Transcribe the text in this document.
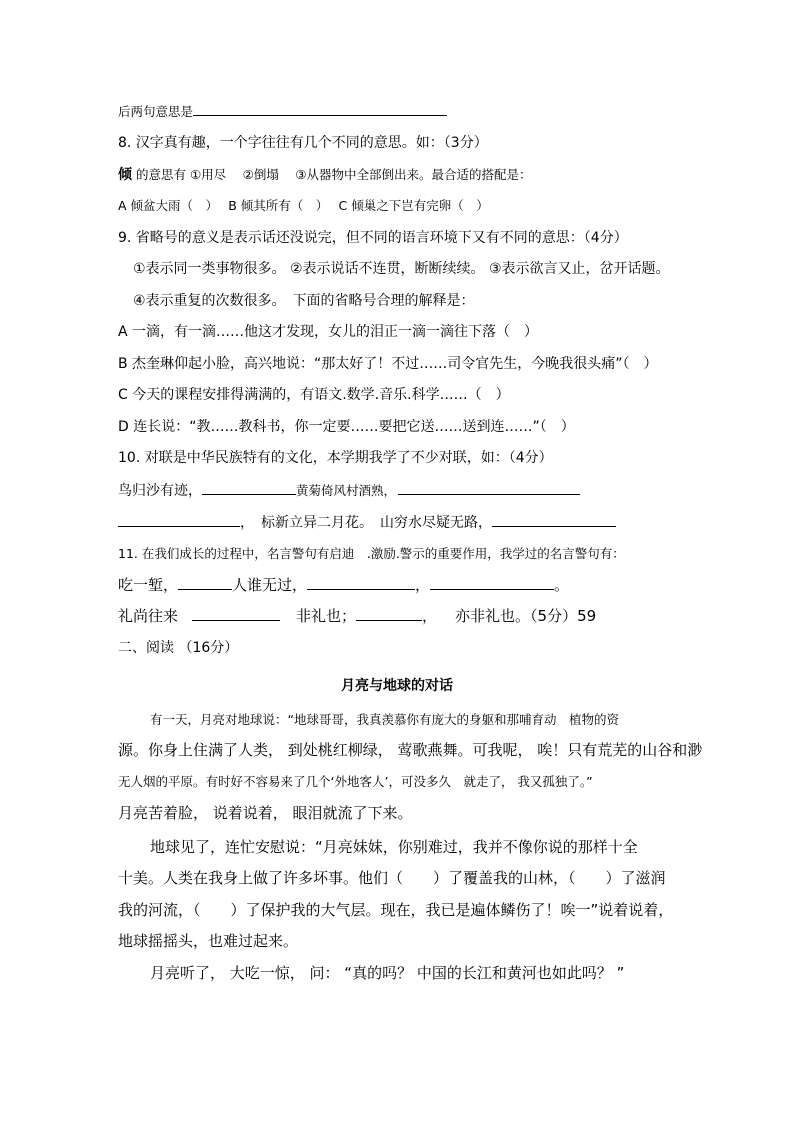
后两句意思是
8. 汉字真有趣，一个字往往有几个不同的意思。如：（3分）
倾 的意思有 ①用尽　 ②倒塌　 ③从器物中全部倒出来。最合适的搭配是：
A 倾盆大雨（　）　 B 倾其所有（　）　 C 倾巢之下岂有完卵（　）
9. 省略号的意义是表示话还没说完，但不同的语言环境下又有不同的意思：（4分）
①表示同一类事物很多。 ②表示说话不连贯，断断续续。 ③表示欲言又止，岔开话题。
④表示重复的次数很多。　下面的省略号合理的解释是：
A 一滴，有一滴……他这才发现，女儿的泪正一滴一滴往下落（　）
B 杰奎琳仰起小脸，高兴地说：“那太好了！不过……司令官先生，今晚我很头痛”（　）
C 今天的课程安排得满满的，有语文.数学.音乐.科学……（　）
D 连长说：“教……教科书，你一定要……要把它送……送到连……”（　）
10. 对联是中华民族特有的文化，本学期我学了不少对联，如：（4分）
鸟归沙有迹，	黄菊倚风村酒熟，
，　标新立异二月花。　山穷水尽疑无路，
11. 在我们成长的过程中，名言警句有启迪　.激励.警示的重要作用，我学过的名言警句有：
吃一堑，	人谁无过，	，	。
礼尚往来	非礼也；	， 亦非礼也。（5分）59
二、阅读 （16分）
月亮与地球的对话
有一天，月亮对地球说：“地球哥哥，我真羡慕你有庞大的身躯和那哺育动　植物的资
源。你身上住满了人类， 到处桃红柳绿， 莺歌燕舞。可我呢， 唉！只有荒芜的山谷和渺
无人烟的平原。有时好不容易来了几个‘外地客人’，可没多久　就走了， 我又孤独了。”
月亮苦着脸， 说着说着， 眼泪就流了下来。
地球见了，连忙安慰说：“月亮妹妹，你别难过，我并不像你说的那样十全
十美。人类在我身上做了许多坏事。他们（　　）了覆盖我的山林，（　　）了滋润
我的河流，（　　）了保护我的大气层。现在，我已是遍体鳞伤了！唉一”说着说着，
地球摇摇头，也难过起来。
月亮听了， 大吃一惊， 问： “真的吗？ 中国的长江和黄河也如此吗？ ”
